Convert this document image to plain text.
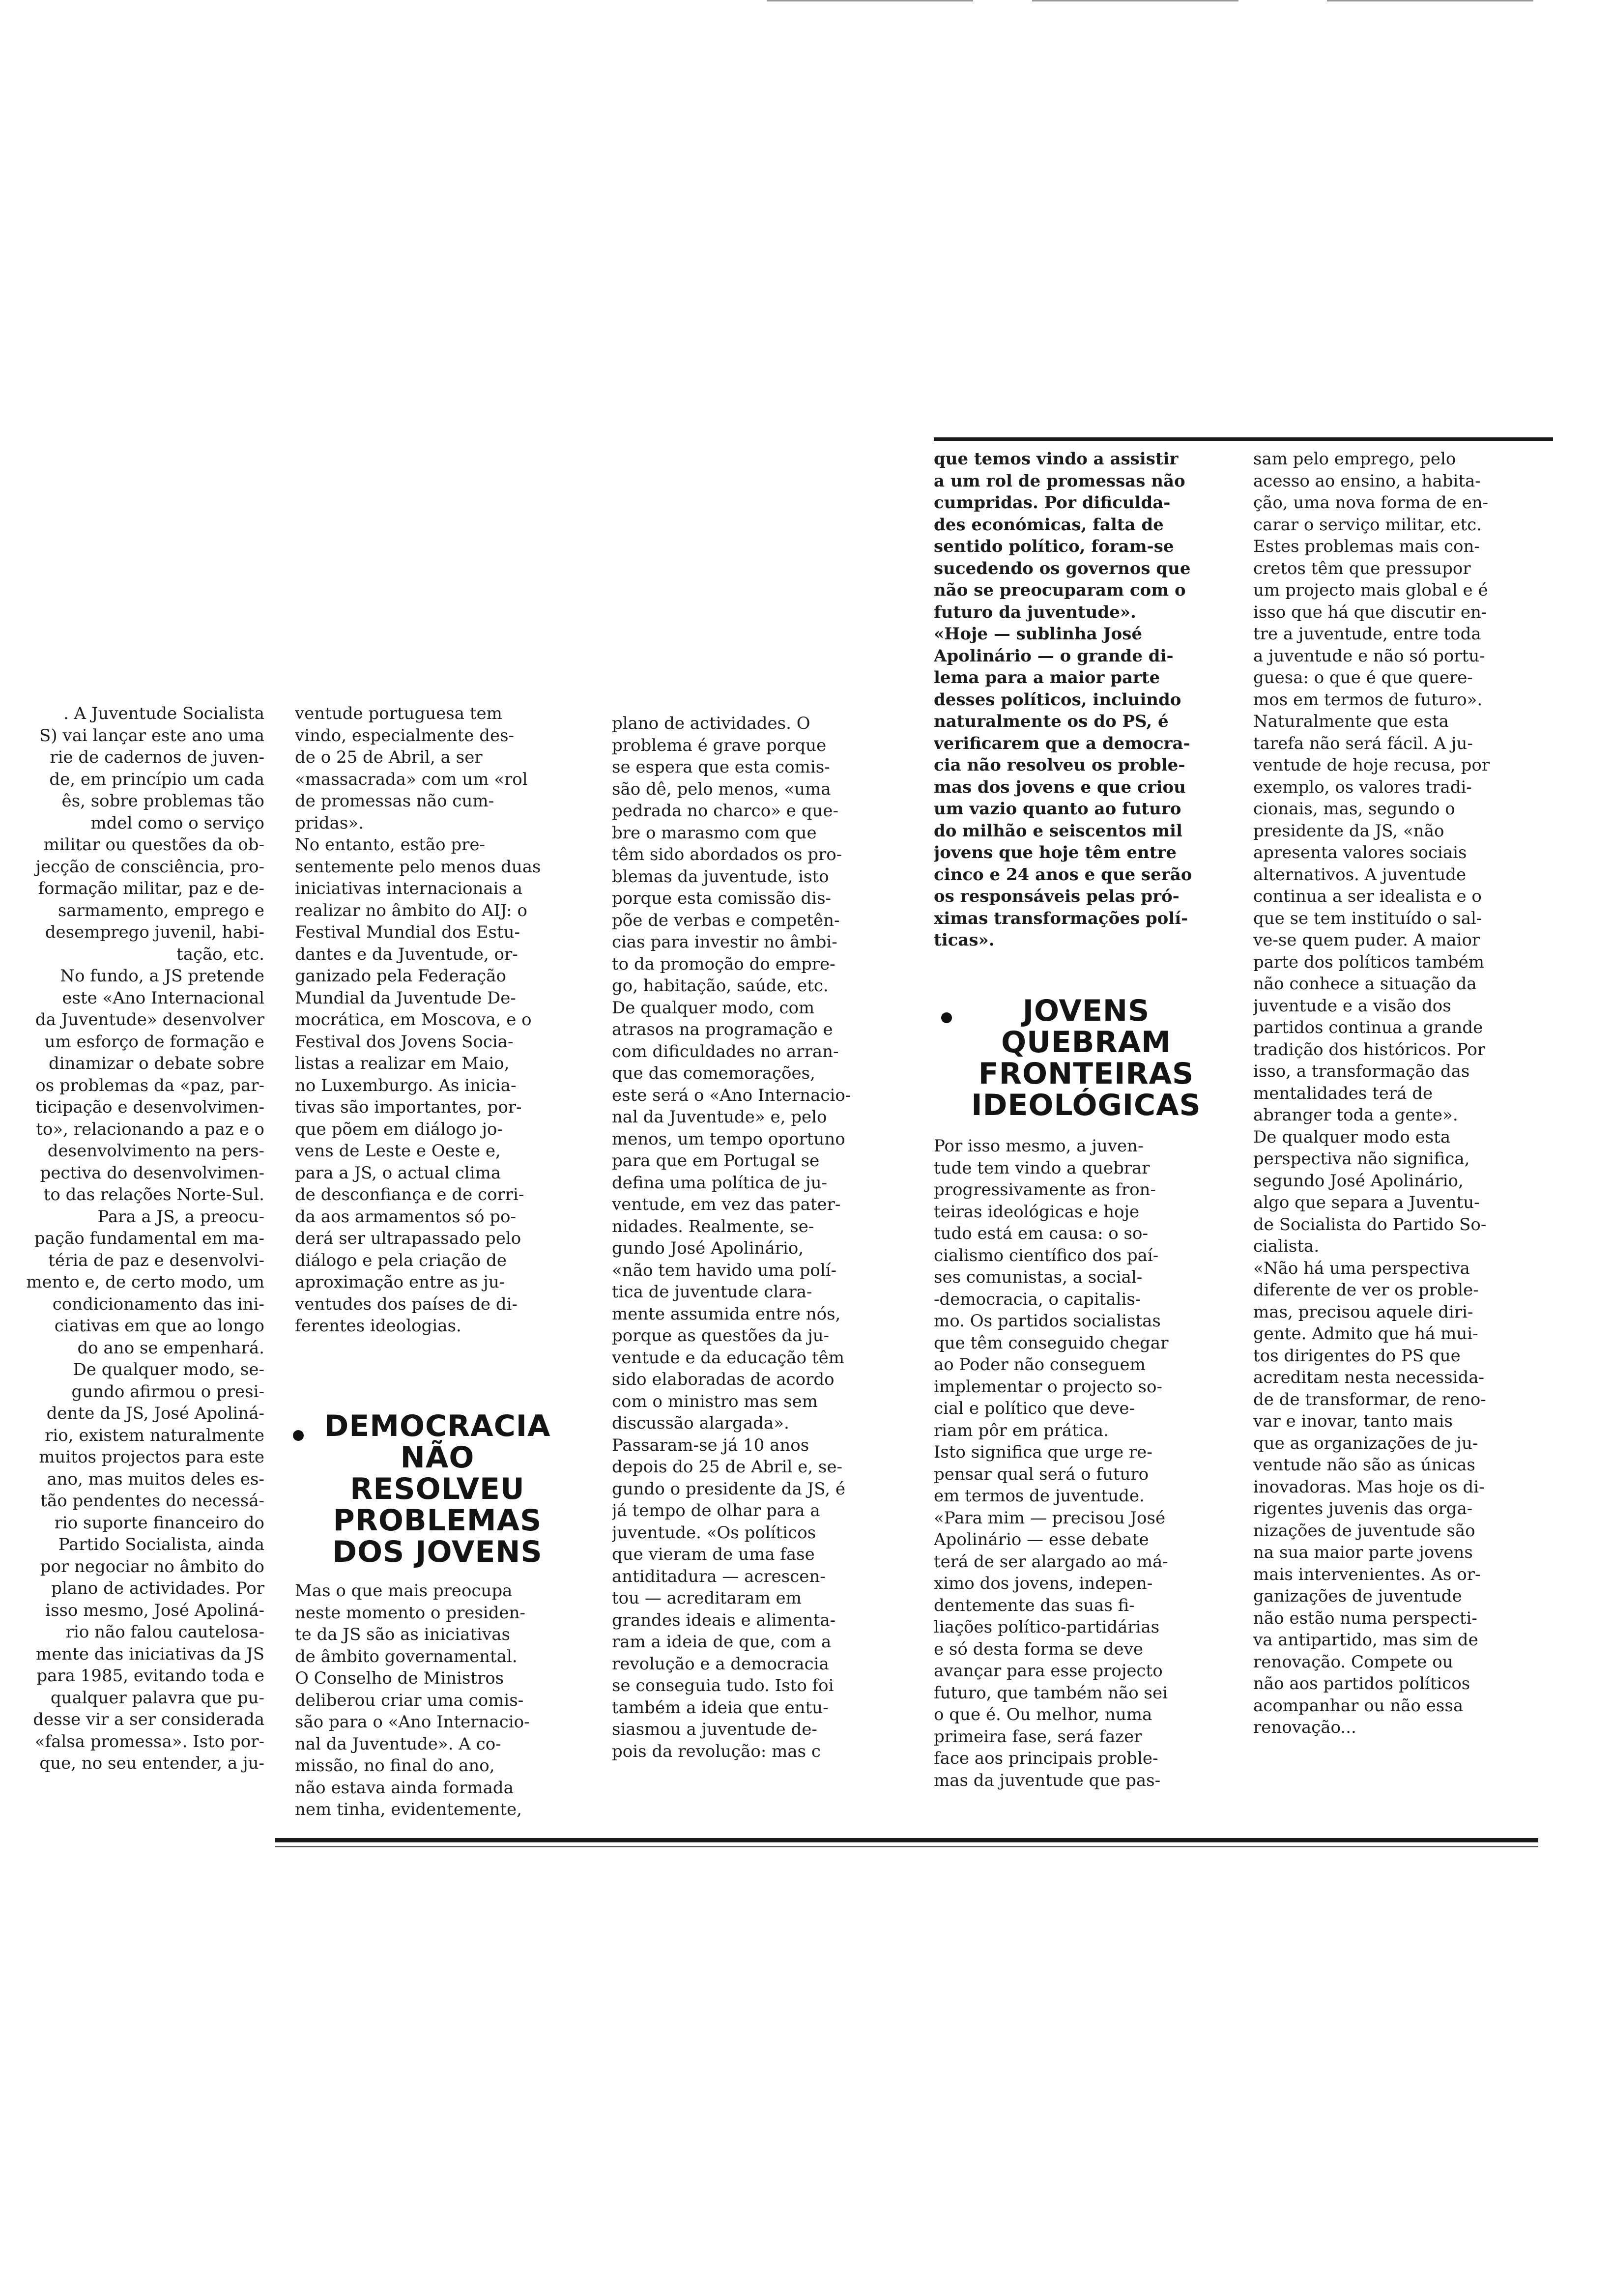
. A Juventude Socialista
S) vai lançar este ano uma
rie de cadernos de juven-
de, em princípio um cada
ês, sobre problemas tão
mdel como o serviço
militar ou questões da ob-
jecção de consciência, pro-
formação militar, paz e de-
sarmamento, emprego e
desemprego juvenil, habi-
tação, etc.
No fundo, a JS pretende
este «Ano Internacional
da Juventude» desenvolver
um esforço de formação e
dinamizar o debate sobre
os problemas da «paz, par-
ticipação e desenvolvimen-
to», relacionando a paz e o
desenvolvimento na pers-
pectiva do desenvolvimen-
to das relações Norte-Sul.
Para a JS, a preocu-
pação fundamental em ma-
téria de paz e desenvolvi-
mento e, de certo modo, um
condicionamento das ini-
ciativas em que ao longo
do ano se empenhará.
De qualquer modo, se-
gundo afirmou o presi-
dente da JS, José Apoliná-
rio, existem naturalmente
muitos projectos para este
ano, mas muitos deles es-
tão pendentes do necessá-
rio suporte financeiro do
Partido Socialista, ainda
por negociar no âmbito do
plano de actividades. Por
isso mesmo, José Apoliná-
rio não falou cautelosa-
mente das iniciativas da JS
para 1985, evitando toda e
qualquer palavra que pu-
desse vir a ser considerada
«falsa promessa». Isto por-
que, no seu entender, a ju-
ventude portuguesa tem
vindo, especialmente des-
de o 25 de Abril, a ser
«massacrada» com um «rol
de promessas não cum-
pridas».
No entanto, estão pre-
sentemente pelo menos duas
iniciativas internacionais a
realizar no âmbito do AIJ: o
Festival Mundial dos Estu-
dantes e da Juventude, or-
ganizado pela Federação
Mundial da Juventude De-
mocrática, em Moscova, e o
Festival dos Jovens Socia-
listas a realizar em Maio,
no Luxemburgo. As inicia-
tivas são importantes, por-
que põem em diálogo jo-
vens de Leste e Oeste e,
para a JS, o actual clima
de desconfiança e de corri-
da aos armamentos só po-
derá ser ultrapassado pelo
diálogo e pela criação de
aproximação entre as ju-
ventudes dos países de di-
ferentes ideologias.
DEMOCRACIA
NÃO
RESOLVEU
PROBLEMAS
DOS JOVENS
Mas o que mais preocupa
neste momento o presiden-
te da JS são as iniciativas
de âmbito governamental.
O Conselho de Ministros
deliberou criar uma comis-
são para o «Ano Internacio-
nal da Juventude». A co-
missão, no final do ano,
não estava ainda formada
nem tinha, evidentemente,
plano de actividades. O
problema é grave porque
se espera que esta comis-
são dê, pelo menos, «uma
pedrada no charco» e que-
bre o marasmo com que
têm sido abordados os pro-
blemas da juventude, isto
porque esta comissão dis-
põe de verbas e competên-
cias para investir no âmbi-
to da promoção do empre-
go, habitação, saúde, etc.
De qualquer modo, com
atrasos na programação e
com dificuldades no arran-
que das comemorações,
este será o «Ano Internacio-
nal da Juventude» e, pelo
menos, um tempo oportuno
para que em Portugal se
defina uma política de ju-
ventude, em vez das pater-
nidades. Realmente, se-
gundo José Apolinário,
«não tem havido uma polí-
tica de juventude clara-
mente assumida entre nós,
porque as questões da ju-
ventude e da educação têm
sido elaboradas de acordo
com o ministro mas sem
discussão alargada».
Passaram-se já 10 anos
depois do 25 de Abril e, se-
gundo o presidente da JS, é
já tempo de olhar para a
juventude. «Os políticos
que vieram de uma fase
antiditadura — acrescen-
tou — acreditaram em
grandes ideais e alimenta-
ram a ideia de que, com a
revolução e a democracia
se conseguia tudo. Isto foi
também a ideia que entu-
siasmou a juventude de-
pois da revolução: mas c
que temos vindo a assistir
a um rol de promessas não
cumpridas. Por dificulda-
des económicas, falta de
sentido político, foram-se
sucedendo os governos que
não se preocuparam com o
futuro da juventude».
«Hoje — sublinha José
Apolinário — o grande di-
lema para a maior parte
desses políticos, incluindo
naturalmente os do PS, é
verificarem que a democra-
cia não resolveu os proble-
mas dos jovens e que criou
um vazio quanto ao futuro
do milhão e seiscentos mil
jovens que hoje têm entre
cinco e 24 anos e que serão
os responsáveis pelas pró-
ximas transformações polí-
ticas».
JOVENS
QUEBRAM
FRONTEIRAS
IDEOLÓGICAS
Por isso mesmo, a juven-
tude tem vindo a quebrar
progressivamente as fron-
teiras ideológicas e hoje
tudo está em causa: o so-
cialismo científico dos paí-
ses comunistas, a social-
-democracia, o capitalis-
mo. Os partidos socialistas
que têm conseguido chegar
ao Poder não conseguem
implementar o projecto so-
cial e político que deve-
riam pôr em prática.
Isto significa que urge re-
pensar qual será o futuro
em termos de juventude.
«Para mim — precisou José
Apolinário — esse debate
terá de ser alargado ao má-
ximo dos jovens, indepen-
dentemente das suas fi-
liações político-partidárias
e só desta forma se deve
avançar para esse projecto
futuro, que também não sei
o que é. Ou melhor, numa
primeira fase, será fazer
face aos principais proble-
mas da juventude que pas-
sam pelo emprego, pelo
acesso ao ensino, a habita-
ção, uma nova forma de en-
carar o serviço militar, etc.
Estes problemas mais con-
cretos têm que pressupor
um projecto mais global e é
isso que há que discutir en-
tre a juventude, entre toda
a juventude e não só portu-
guesa: o que é que quere-
mos em termos de futuro».
Naturalmente que esta
tarefa não será fácil. A ju-
ventude de hoje recusa, por
exemplo, os valores tradi-
cionais, mas, segundo o
presidente da JS, «não
apresenta valores sociais
alternativos. A juventude
continua a ser idealista e o
que se tem instituído o sal-
ve-se quem puder. A maior
parte dos políticos também
não conhece a situação da
juventude e a visão dos
partidos continua a grande
tradição dos históricos. Por
isso, a transformação das
mentalidades terá de
abranger toda a gente».
De qualquer modo esta
perspectiva não significa,
segundo José Apolinário,
algo que separa a Juventu-
de Socialista do Partido So-
cialista.
«Não há uma perspectiva
diferente de ver os proble-
mas, precisou aquele diri-
gente. Admito que há mui-
tos dirigentes do PS que
acreditam nesta necessida-
de de transformar, de reno-
var e inovar, tanto mais
que as organizações de ju-
ventude não são as únicas
inovadoras. Mas hoje os di-
rigentes juvenis das orga-
nizações de juventude são
na sua maior parte jovens
mais intervenientes. As or-
ganizações de juventude
não estão numa perspecti-
va antipartido, mas sim de
renovação. Compete ou
não aos partidos políticos
acompanhar ou não essa
renovação...
